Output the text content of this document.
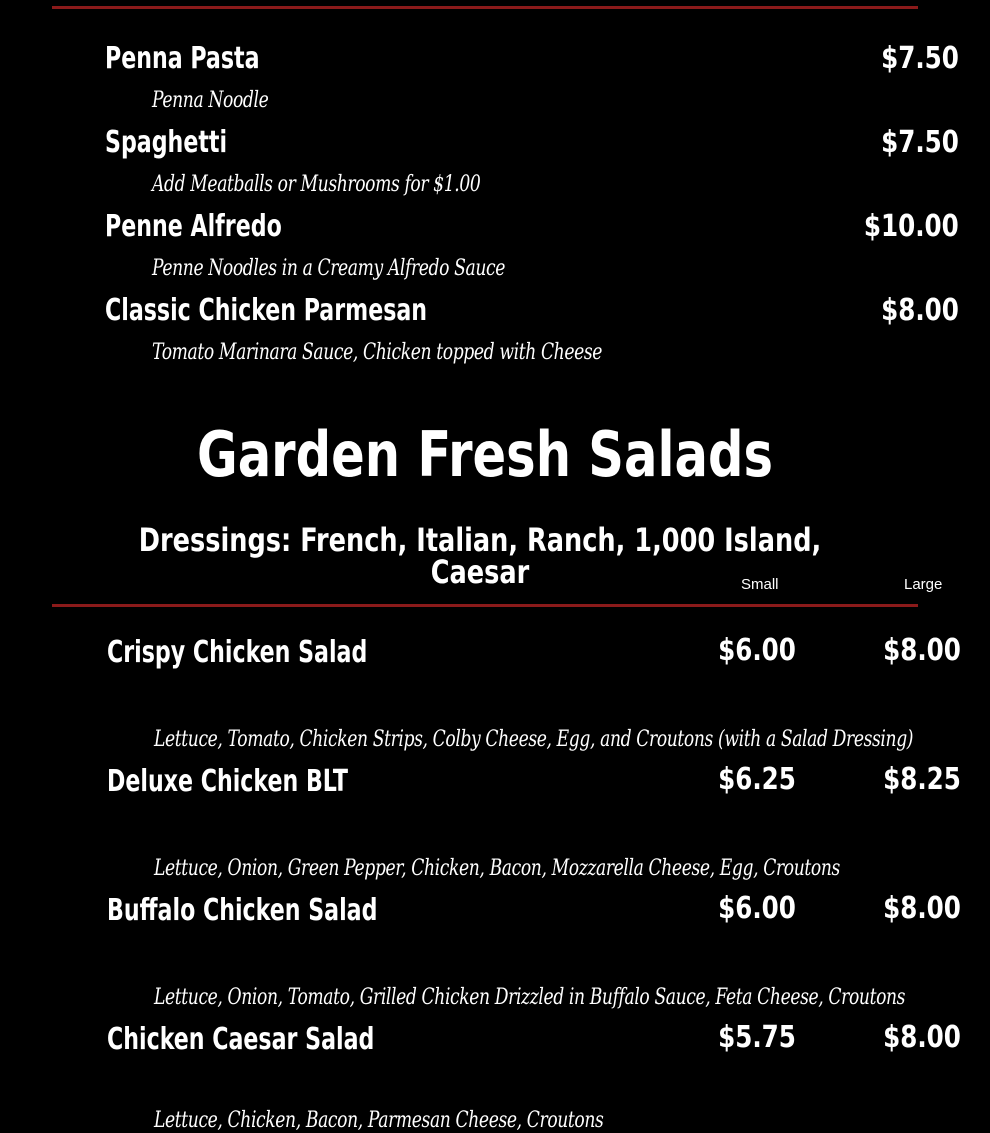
Penna Pasta	$7.50
Penna Noodle
Spaghetti	$7.50
Add Meatballs or Mushrooms for $1.00
Penne Alfredo	$10.00
Penne Noodles in a Creamy Alfredo Sauce
Classic Chicken Parmesan	$8.00
Tomato Marinara Sauce, Chicken topped with Cheese
Garden Fresh Salads
Dressings: French, Italian, Ranch, 1,000 Island, Caesar	Small	Large
Crispy Chicken Salad	$6.00	$8.00
Lettuce, Tomato, Chicken Strips, Colby Cheese, Egg, and Croutons (with a Salad Dressing)
Deluxe Chicken BLT	$6.25	$8.25
Lettuce, Onion, Green Pepper, Chicken, Bacon, Mozzarella Cheese, Egg, Croutons
Buffalo Chicken Salad	$6.00	$8.00
Lettuce, Onion, Tomato, Grilled Chicken Drizzled in Buffalo Sauce, Feta Cheese, Croutons
Chicken Caesar Salad	$5.75	$8.00
Lettuce, Chicken, Bacon, Parmesan Cheese, Croutons
